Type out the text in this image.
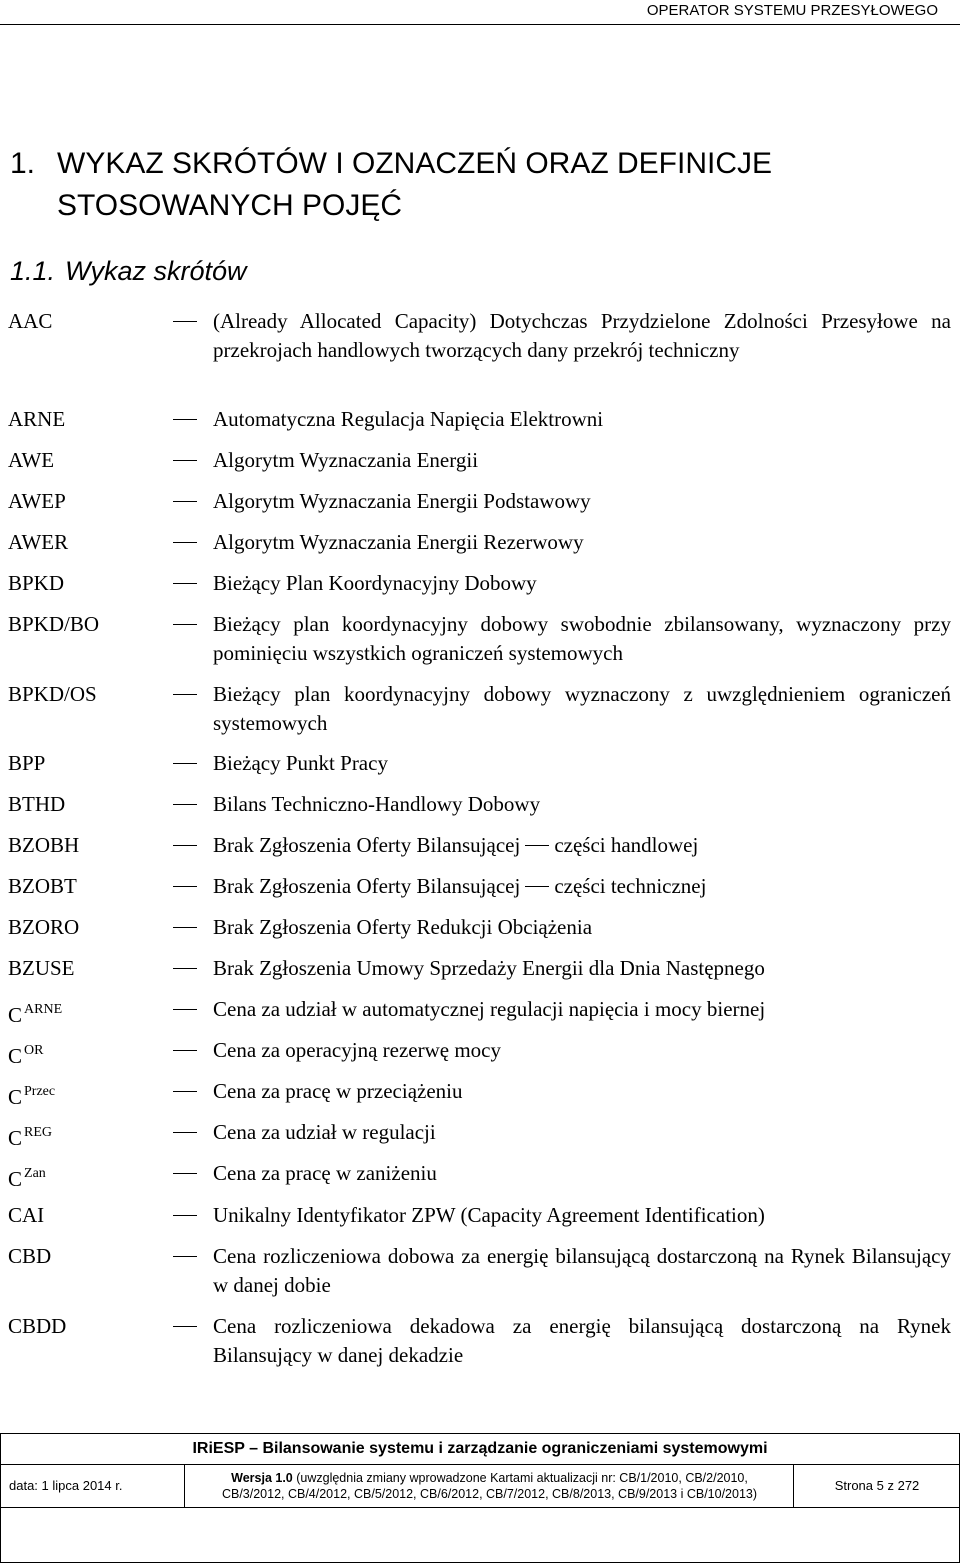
OPERATOR SYSTEMU PRZESYŁOWEGO
1. WYKAZ SKRÓTÓW I OZNACZEŃ ORAZ DEFINICJE
STOSOWANYCH POJĘĆ
1.1. Wykaz skrótów
AAC	(Already Allocated Capacity) Dotychczas Przydzielone Zdolności Przesyłowe na przekrojach handlowych tworzących dany przekrój techniczny
ARNE	Automatyczna Regulacja Napięcia Elektrowni
AWE	Algorytm Wyznaczania Energii
AWEP	Algorytm Wyznaczania Energii Podstawowy
AWER	Algorytm Wyznaczania Energii Rezerwowy
BPKD	Bieżący Plan Koordynacyjny Dobowy
BPKD/BO	Bieżący plan koordynacyjny dobowy swobodnie zbilansowany, wyznaczony przy pominięciu wszystkich ograniczeń systemowych
BPKD/OS	Bieżący plan koordynacyjny dobowy wyznaczony z uwzględnieniem ograniczeń systemowych
BPP	Bieżący Punkt Pracy
BTHD	Bilans Techniczno-Handlowy Dobowy
BZOBH	Brak Zgłoszenia Oferty Bilansującej części handlowej
BZOBT	Brak Zgłoszenia Oferty Bilansującej części technicznej
BZORO	Brak Zgłoszenia Oferty Redukcji Obciążenia
BZUSE	Brak Zgłoszenia Umowy Sprzedaży Energii dla Dnia Następnego
C $^{ARNE}$	Cena za udział w automatycznej regulacji napięcia i mocy biernej
C $^{OR}$	Cena za operacyjną rezerwę mocy
C $^{Przec}$	Cena za pracę w przeciążeniu
C $^{REG}$	Cena za udział w regulacji
C $^{Zan}$	Cena za pracę w zaniżeniu
CAI	Unikalny Identyfikator ZPW (Capacity Agreement Identification)
CBD	Cena rozliczeniowa dobowa za energię bilansującą dostarczoną na Rynek Bilansujący w danej dobie
CBDD	Cena rozliczeniowa dekadowa za energię bilansującą dostarczoną na Rynek Bilansujący w danej dekadzie
IRiESP – Bilansowanie systemu i zarządzanie ograniczeniami systemowymi
data: 1 lipca 2014 r.	Wersja 1.0 (uwzględnia zmiany wprowadzone Kartami aktualizacji nr: CB/1/2010, CB/2/2010,
CB/3/2012, CB/4/2012, CB/5/2012, CB/6/2012, CB/7/2012, CB/8/2013, CB/9/2013 i CB/10/2013)
Strona 5 z 272
